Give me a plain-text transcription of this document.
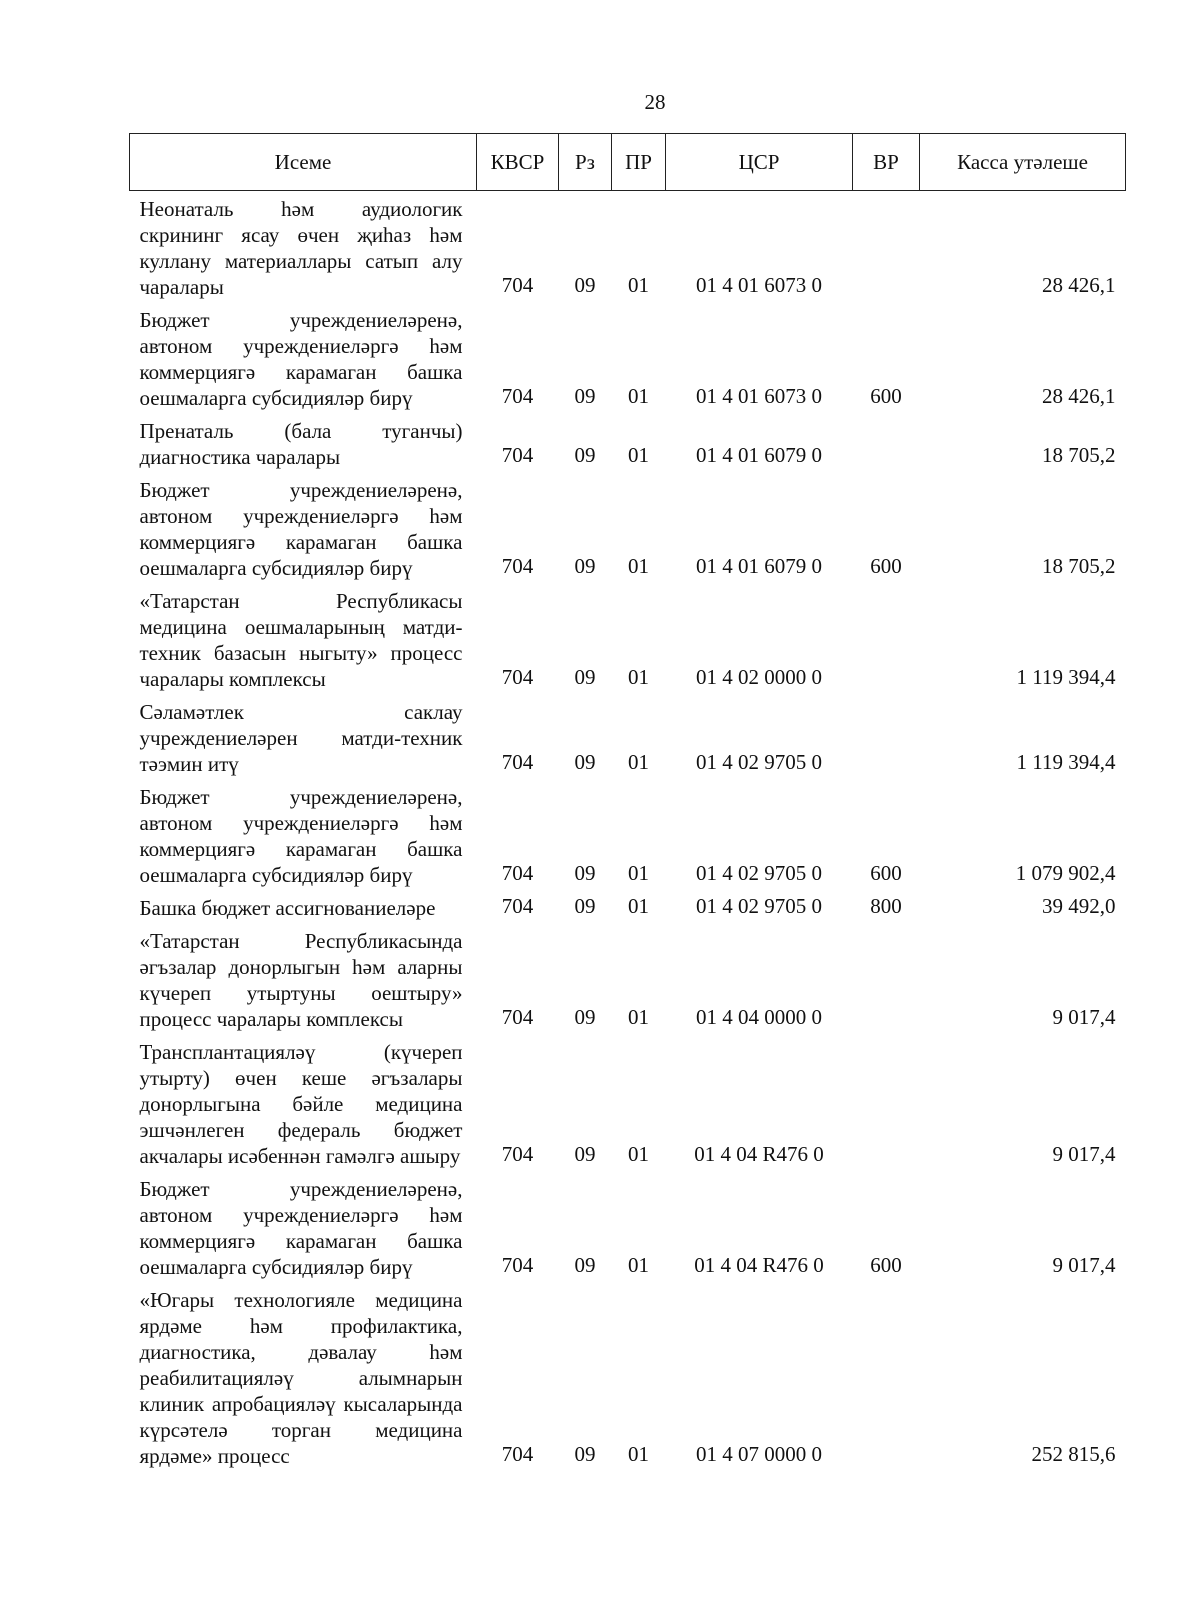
28
Исеме	КВСР	Рз	ПР	ЦСР	ВР	Касса утәлеше
Неонаталь һәм аудиологик скрининг ясау өчен җиһаз һәм куллану материаллары сатып алу чаралары	704	09	01	01 4 01 6073 0		28 426,1
Бюджет учреждениеләренә, автоном учреждениеләргә һәм коммерциягә карамаган башка оешмаларга субсидияләр бирү	704	09	01	01 4 01 6073 0	600	28 426,1
Пренаталь (бала туганчы) диагностика чаралары	704	09	01	01 4 01 6079 0		18 705,2
Бюджет учреждениеләренә, автоном учреждениеләргә һәм коммерциягә карамаган башка оешмаларга субсидияләр бирү	704	09	01	01 4 01 6079 0	600	18 705,2
«Татарстан Республикасы медицина оешмаларының матди-техник базасын ныгыту» процесс чаралары комплексы	704	09	01	01 4 02 0000 0		1 119 394,4
Сәламәтлек саклау учреждениеләрен матди-техник тәэмин итү	704	09	01	01 4 02 9705 0		1 119 394,4
Бюджет учреждениеләренә, автоном учреждениеләргә һәм коммерциягә карамаган башка оешмаларга субсидияләр бирү	704	09	01	01 4 02 9705 0	600	1 079 902,4
Башка бюджет ассигнованиеләре	704	09	01	01 4 02 9705 0	800	39 492,0
«Татарстан Республикасында әгъзалар донорлыгын һәм аларны күчереп утыртуны оештыру» процесс чаралары комплексы	704	09	01	01 4 04 0000 0		9 017,4
Трансплантацияләү (күчереп утырту) өчен кеше әгъзалары донорлыгына бәйле медицина эшчәнлеген федераль бюджет акчалары исәбеннән гамәлгә ашыру	704	09	01	01 4 04 R476 0		9 017,4
Бюджет учреждениеләренә, автоном учреждениеләргә һәм коммерциягә карамаган башка оешмаларга субсидияләр бирү	704	09	01	01 4 04 R476 0	600	9 017,4
«Югары технологияле медицина ярдәме һәм профилактика, диагностика, дәвалау һәм реабилитацияләү алымнарын клиник апробацияләү кысаларында күрсәтелә торган медицина ярдәме» процесс	704	09	01	01 4 07 0000 0		252 815,6
